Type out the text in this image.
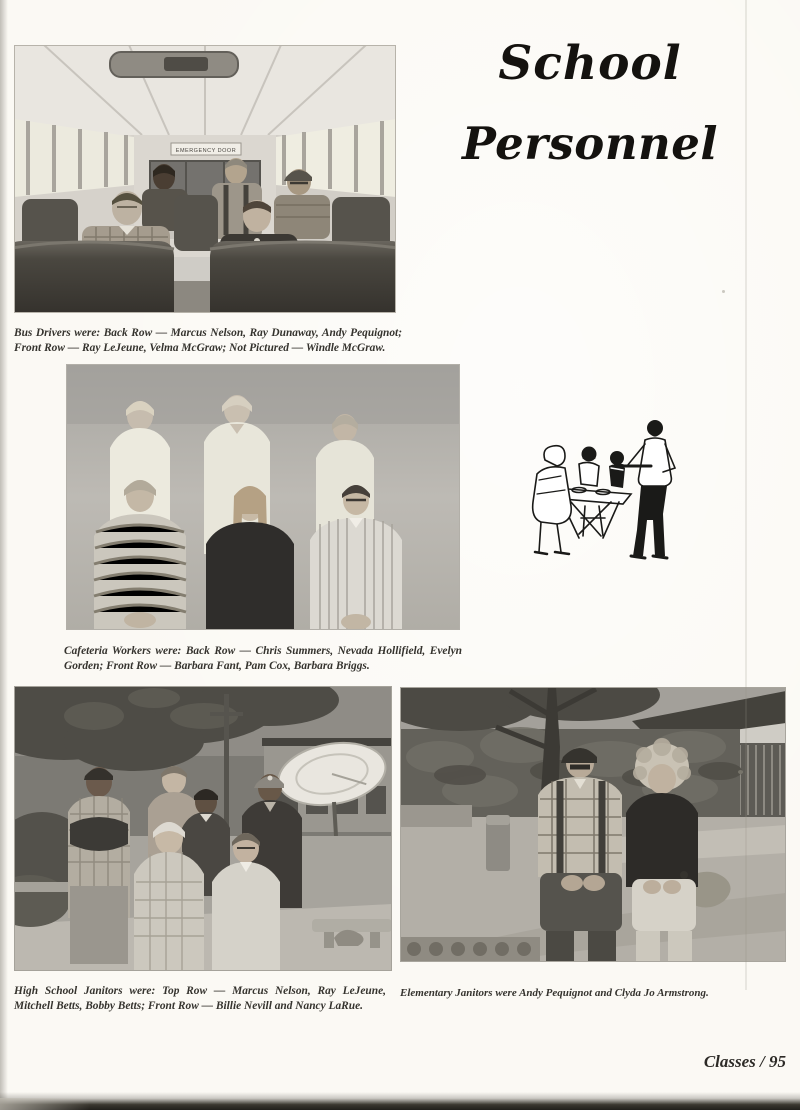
School
Personnel
EMERGENCY DOOR
Bus Drivers were: Back Row — Marcus Nelson, Ray Dunaway, Andy Pequignot; Front Row — Ray LeJeune, Velma McGraw; Not Pictured — Windle McGraw.
Cafeteria Workers were: Back Row — Chris Summers, Nevada Hollifield, Evelyn Gorden; Front Row — Barbara Fant, Pam Cox, Barbara Briggs.
High School Janitors were: Top Row — Marcus Nelson, Ray LeJeune, Mitchell Betts, Bobby Betts; Front Row — Billie Nevill and Nancy LaRue.
Elementary Janitors were Andy Pequignot and Clyda Jo Armstrong.
Classes / 95
